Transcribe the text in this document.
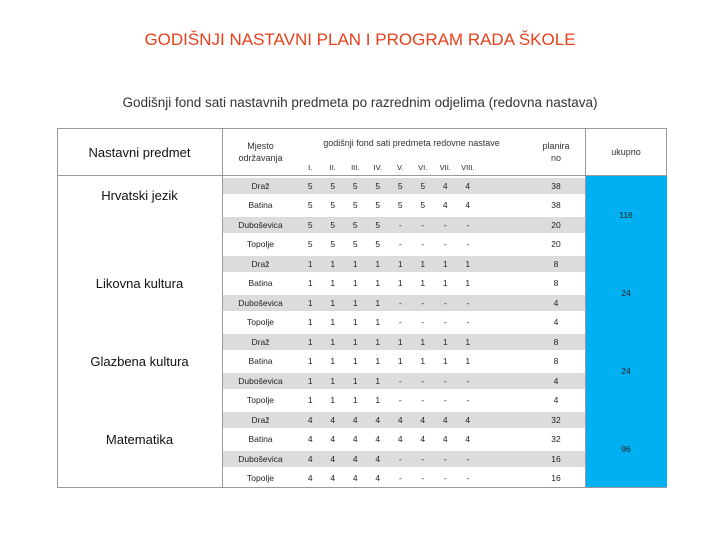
GODIŠNJI NASTAVNI PLAN I PROGRAM RADA ŠKOLE
Godišnji fond sati nastavnih predmeta po razrednim odjelima (redovna nastava)
Nastavni predmet	Mjesto održavanja
godišnji fond sati predmeta redovne nastave
I.	II.	III.	IV.	V.	VI.	VII.	VIII.
planirano
ukupno
Hrvatski jezik
116
Draž	5	5	5	5	5	5	4	4	38
Batina	5	5	5	5	5	5	4	4	38
Duboševica	5	5	5	5	-	-	-	-	20
Topolje	5	5	5	5	-	-	-	-	20
Likovna kultura
24
Draž	1	1	1	1	1	1	1	1	8
Batina	1	1	1	1	1	1	1	1	8
Duboševica	1	1	1	1	-	-	-	-	4
Topolje	1	1	1	1	-	-	-	-	4
Glazbena kultura
24
Draž	1	1	1	1	1	1	1	1	8
Batina	1	1	1	1	1	1	1	1	8
Duboševica	1	1	1	1	-	-	-	-	4
Topolje	1	1	1	1	-	-	-	-	4
Matematika
96
Draž	4	4	4	4	4	4	4	4	32
Batina	4	4	4	4	4	4	4	4	32
Duboševica	4	4	4	4	-	-	-	-	16
Topolje	4	4	4	4	-	-	-	-	16
